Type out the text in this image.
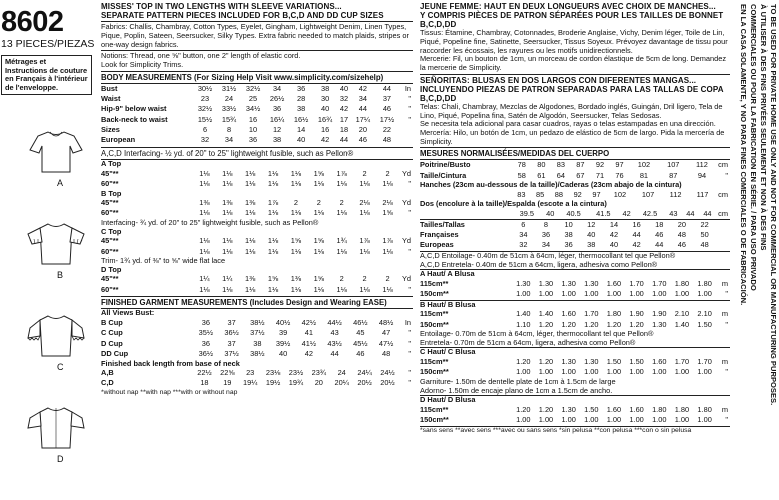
8602
13 PIECES/PIEZAS
Métrages et Instructions de couture en Français à l'intérieur de l'enveloppe.
A
B
C
D
MISSES' TOP IN TWO LENGTHS WITH SLEEVE VARIATIONS...
SEPARATE PATTERN PIECES INCLUDED FOR B,C,D AND DD CUP SIZES
Fabrics: Challis, Chambray, Cotton Types, Eyelet, Gingham, Lightweight Denim, Linen Types, Pique, Poplin, Sateen, Seersucker, Silky Types. Extra fabric needed to match plaids, stripes or one-way design fabrics.
Notions: Thread, one ⅝" button, one 2" length of elastic cord.
Look for Simplicity Trims.
BODY MEASUREMENTS (For Sizing Help Visit www.simplicity.com/sizehelp)
Bust	30½	31½	32½	34	36	38	40	42	44	In
Waist	23	24	25	26½	28	30	32	34	37	"
Hip-9" below waist	32½	33½	34½	36	38	40	42	44	46	"
Back-neck to waist	15½	15¾	16	16¼	16½	16¾	17	17¼	17½	"
Sizes	6	8	10	12	14	16	18	20	22	
European	32	34	36	38	40	42	44	46	48	
A,C,D Interfacing- ½ yd. of 20" to 25" lightweight fusible, such as Pellon®
A Top
45"**	1⅛	1⅛	1⅛	1⅛	1⅛	1⅝	1⅞	2	2	Yd
60"**	1⅛	1⅛	1⅛	1⅛	1⅛	1⅛	1⅛	1⅛	1⅛	"
B Top
45"**	1⅜	1⅜	1⅜	1⅞	2	2	2	2⅛	2⅛	Yd
60"**	1⅛	1⅛	1⅛	1⅛	1⅛	1⅛	1⅛	1⅛	1⅝	"
Interfacing- ¾ yd. of 20" to 25" lightweight fusible, such as Pellon®
C Top
45"**	1⅛	1⅛	1⅛	1⅛	1⅝	1⅝	1¾	1⅞	1⅞	Yd
60"**	1⅛	1⅛	1⅛	1⅛	1⅛	1⅛	1⅛	1⅛	1⅛	"
Trim- 1¾ yd. of ⅜" to ⅝" wide flat lace
D Top
45"**	1¼	1¼	1⅜	1⅝	1⅜	1⅝	2	2	2	Yd
60"**	1⅛	1⅛	1⅛	1⅛	1⅛	1⅛	1⅛	1⅛	1⅛	"
FINISHED GARMENT MEASUREMENTS (Includes Design and Wearing EASE)
All Views Bust:
B Cup		36	37	38½	40½	42½	44½	46½	48½	In
C Cup		35½	36½	37½	39	41	43	45	47	"
D Cup		36	37	38	39½	41½	43½	45½	47½	"
DD Cup		36½	37½	38½	40	42	44	46	48	"
Finished back length from base of neck
A,B	22½	22⅝	23	23⅛	23½	23¾	24	24¼	24½	"
C,D	18	19	19¼	19½	19¾	20	20¼	20½	20½	"
*without nap **with nap ***with or without nap
JEUNE FEMME: HAUT EN DEUX LONGUEURS AVEC CHOIX DE MANCHES...
Y COMPRIS PIÈCES DE PATRON SÉPARÉES POUR LES TAILLES DE BONNET B,C,D,DD
Tissus: Étamine, Chambray, Cotonnades, Broderie Anglaise, Vichy, Denim léger, Toile de Lin, Piqué, Popeline fine, Satinette, Seersucker, Tissus Soyeux. Prévoyez davantage de tissu pour raccorder les écossais, les rayures ou les motifs unidirectionnels.
Mercerie: Fil, un bouton de 1cm, un morceau de cordon élastique de 5cm de long. Demandez la mercerie de Simplicity.
SEÑORITAS: BLUSAS EN DOS LARGOS CON DIFERENTES MANGAS...
INCLUYENDO PIEZAS DE PATRON SEPARADAS PARA LAS TALLAS DE COPA B,C,D,DD
Telas: Chali, Chambray, Mezclas de Algodones, Bordado inglés, Guingán, Dril ligero, Tela de Lino, Piqué, Popelina fina, Satén de Algodón, Seersucker, Telas Sedosas.
Se necesita tela adicional para casar cuadros, rayas o telas estampadas en una dirección.
Mercería: Hilo, un botón de 1cm, un pedazo de elástico de 5cm de largo. Pida la mercería de Simplicity.
MESURES NORMALISÉES/MEDIDAS DEL CUERPO
Poitrine/Busto	78	80	83	87	92	97	102	107	112	cm
Taille/Cintura	58	61	64	67	71	76	81	87	94	"
Hanches (23cm au-dessous de la taille)/Caderas (23cm abajo de la cintura)
	83	85	88	92	97	102	107	112	117	cm
Dos (encolure à la taille)/Espalda (escote a la cintura)
	39.5	40	40.5	41.5	42	42.5	43	44	44	cm
Tailles/Tallas	6	8	10	12	14	16	18	20	22	
Françaises	34	36	38	40	42	44	46	48	50	
Europeas	32	34	36	38	40	42	44	46	48	
A,C,D Entoilage- 0.40m de 51cm à 64cm, léger, thermocollant tel que Pellon®
A,C,D Entretela- 0.40m de 51cm a 64cm, ligera, adhesiva como Pellon®
A Haut/ A Blusa
115cm**	1.30	1.30	1.30	1.30	1.60	1.70	1.70	1.80	1.80	m
150cm**	1.00	1.00	1.00	1.00	1.00	1.00	1.00	1.00	1.00	"
B Haut/ B Blusa
115cm**	1.40	1.40	1.60	1.70	1.80	1.90	1.90	2.10	2.10	m
150cm**	1.10	1.20	1.20	1.20	1.20	1.20	1.30	1.40	1.50	"
Entoilage- 0.70m de 51cm à 64cm, léger, thermocollant tel que Pellon®
Entretela- 0.70m de 51cm a 64cm, ligera, adhesiva como Pellon®
C Haut/ C Blusa
115cm**	1.20	1.20	1.30	1.30	1.50	1.50	1.60	1.70	1.70	m
150cm**	1.00	1.00	1.00	1.00	1.00	1.00	1.00	1.00	1.00	"
Garniture- 1.50m de dentelle plate de 1cm à 1.5cm de large
Adorno- 1.50m de encaje plano de 1cm a 1.5cm de ancho.
D Haut/ D Blusa
115cm**	1.20	1.20	1.30	1.50	1.60	1.60	1.80	1.80	1.80	m
150cm**	1.00	1.00	1.00	1.00	1.00	1.00	1.00	1.00	1.00	"
*sans sens **avec sens ***avec ou sans sens *sin pelusa **con pelusa ***con o sin pelusa
TO BE USED FOR PRIVATE HOME USE ONLY AND NOT FOR COMMERCIAL OR MANUFACTURING PURPOSES.
À UTILISER À DES FINS PRIVÉES SEULEMENT ET NON À DES FINS
COMMERCIALES OU POUR LA FABRICATION EN SÉRIE. / PARA USO PRIVADO
EN LA CASA SOLAMENTE, Y NO PARA FINES COMERCIALES O DE FABRICACIÓN.
